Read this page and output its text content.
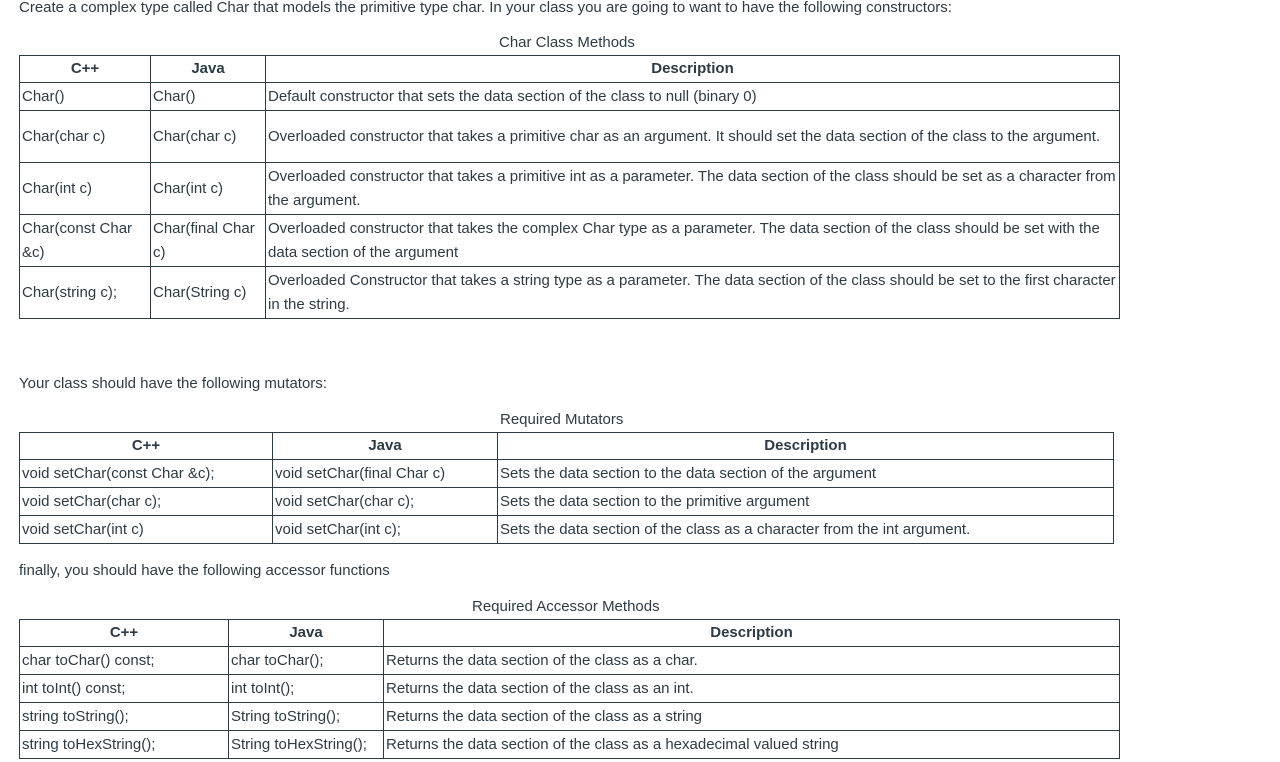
Create a complex type called Char that models the primitive type char. In your class you are going to want to have the following constructors:

Char Class Methods

C++	Java	Description
Char()	Char()	Default constructor that sets the data section of the class to null (binary 0)
Char(char c)	Char(char c)	Overloaded constructor that takes a primitive char as an argument. It should set the data section of the class to the argument.
Char(int c)	Char(int c)	Overloaded constructor that takes a primitive int as a parameter. The data section of the class should be set as a character from the argument.
Char(const Char &c)	Char(final Char c)	Overloaded constructor that takes the complex Char type as a parameter. The data section of the class should be set with the data section of the argument
Char(string c);	Char(String c)	Overloaded Constructor that takes a string type as a parameter. The data section of the class should be set to the first character in the string.

Your class should have the following mutators:

Required Mutators

C++	Java	Description
void setChar(const Char &c);	void setChar(final Char c)	Sets the data section to the data section of the argument
void setChar(char c);	void setChar(char c);	Sets the data section to the primitive argument
void setChar(int c)	void setChar(int c);	Sets the data section of the class as a character from the int argument.

finally, you should have the following accessor functions

Required Accessor Methods

C++	Java	Description
char toChar() const;	char toChar();	Returns the data section of the class as a char.
int toInt() const;	int toInt();	Returns the data section of the class as an int.
string toString();	String toString();	Returns the data section of the class as a string
string toHexString();	String toHexString();	Returns the data section of the class as a hexadecimal valued string
